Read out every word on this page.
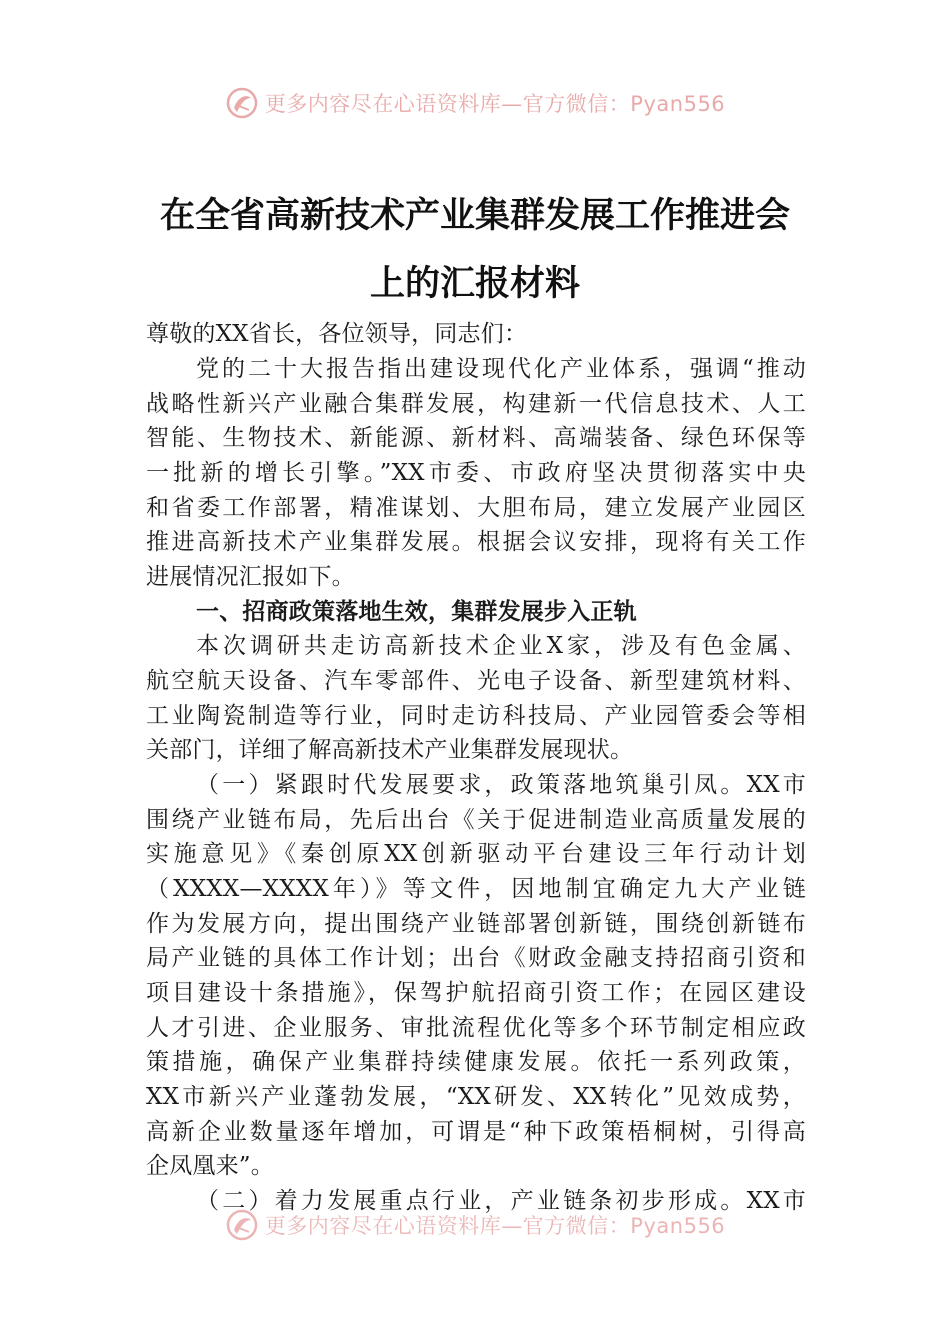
更多内容尽在心语资料库—官方微信：Pyan556
在全省高新技术产业集群发展工作推进会
上的汇报材料
尊敬的XX省长，各位领导，同志们：
党的二十大报告指出建设现代化产业体系，强调“推动
战略性新兴产业融合集群发展，构建新一代信息技术、人工
智能、生物技术、新能源、新材料、高端装备、绿色环保等
一批新的增长引擎。”XX市委、市政府坚决贯彻落实中央
和省委工作部署，精准谋划、大胆布局，建立发展产业园区
推进高新技术产业集群发展。根据会议安排，现将有关工作
进展情况汇报如下。
一、招商政策落地生效，集群发展步入正轨
本次调研共走访高新技术企业X家，涉及有色金属、
航空航天设备、汽车零部件、光电子设备、新型建筑材料、
工业陶瓷制造等行业，同时走访科技局、产业园管委会等相
关部门，详细了解高新技术产业集群发展现状。
（一）紧跟时代发展要求，政策落地筑巢引凤。XX市
围绕产业链布局，先后出台《关于促进制造业高质量发展的
实施意见》《秦创原XX创新驱动平台建设三年行动计划
（XXXX—XXXX年）》等文件，因地制宜确定九大产业链
作为发展方向，提出围绕产业链部署创新链，围绕创新链布
局产业链的具体工作计划；出台《财政金融支持招商引资和
项目建设十条措施》，保驾护航招商引资工作；在园区建设
人才引进、企业服务、审批流程优化等多个环节制定相应政
策措施，确保产业集群持续健康发展。依托一系列政策，
XX市新兴产业蓬勃发展，“XX研发、XX转化”见效成势，
高新企业数量逐年增加，可谓是“种下政策梧桐树，引得高
企凤凰来”。
（二）着力发展重点行业，产业链条初步形成。XX市
更多内容尽在心语资料库—官方微信：Pyan556
